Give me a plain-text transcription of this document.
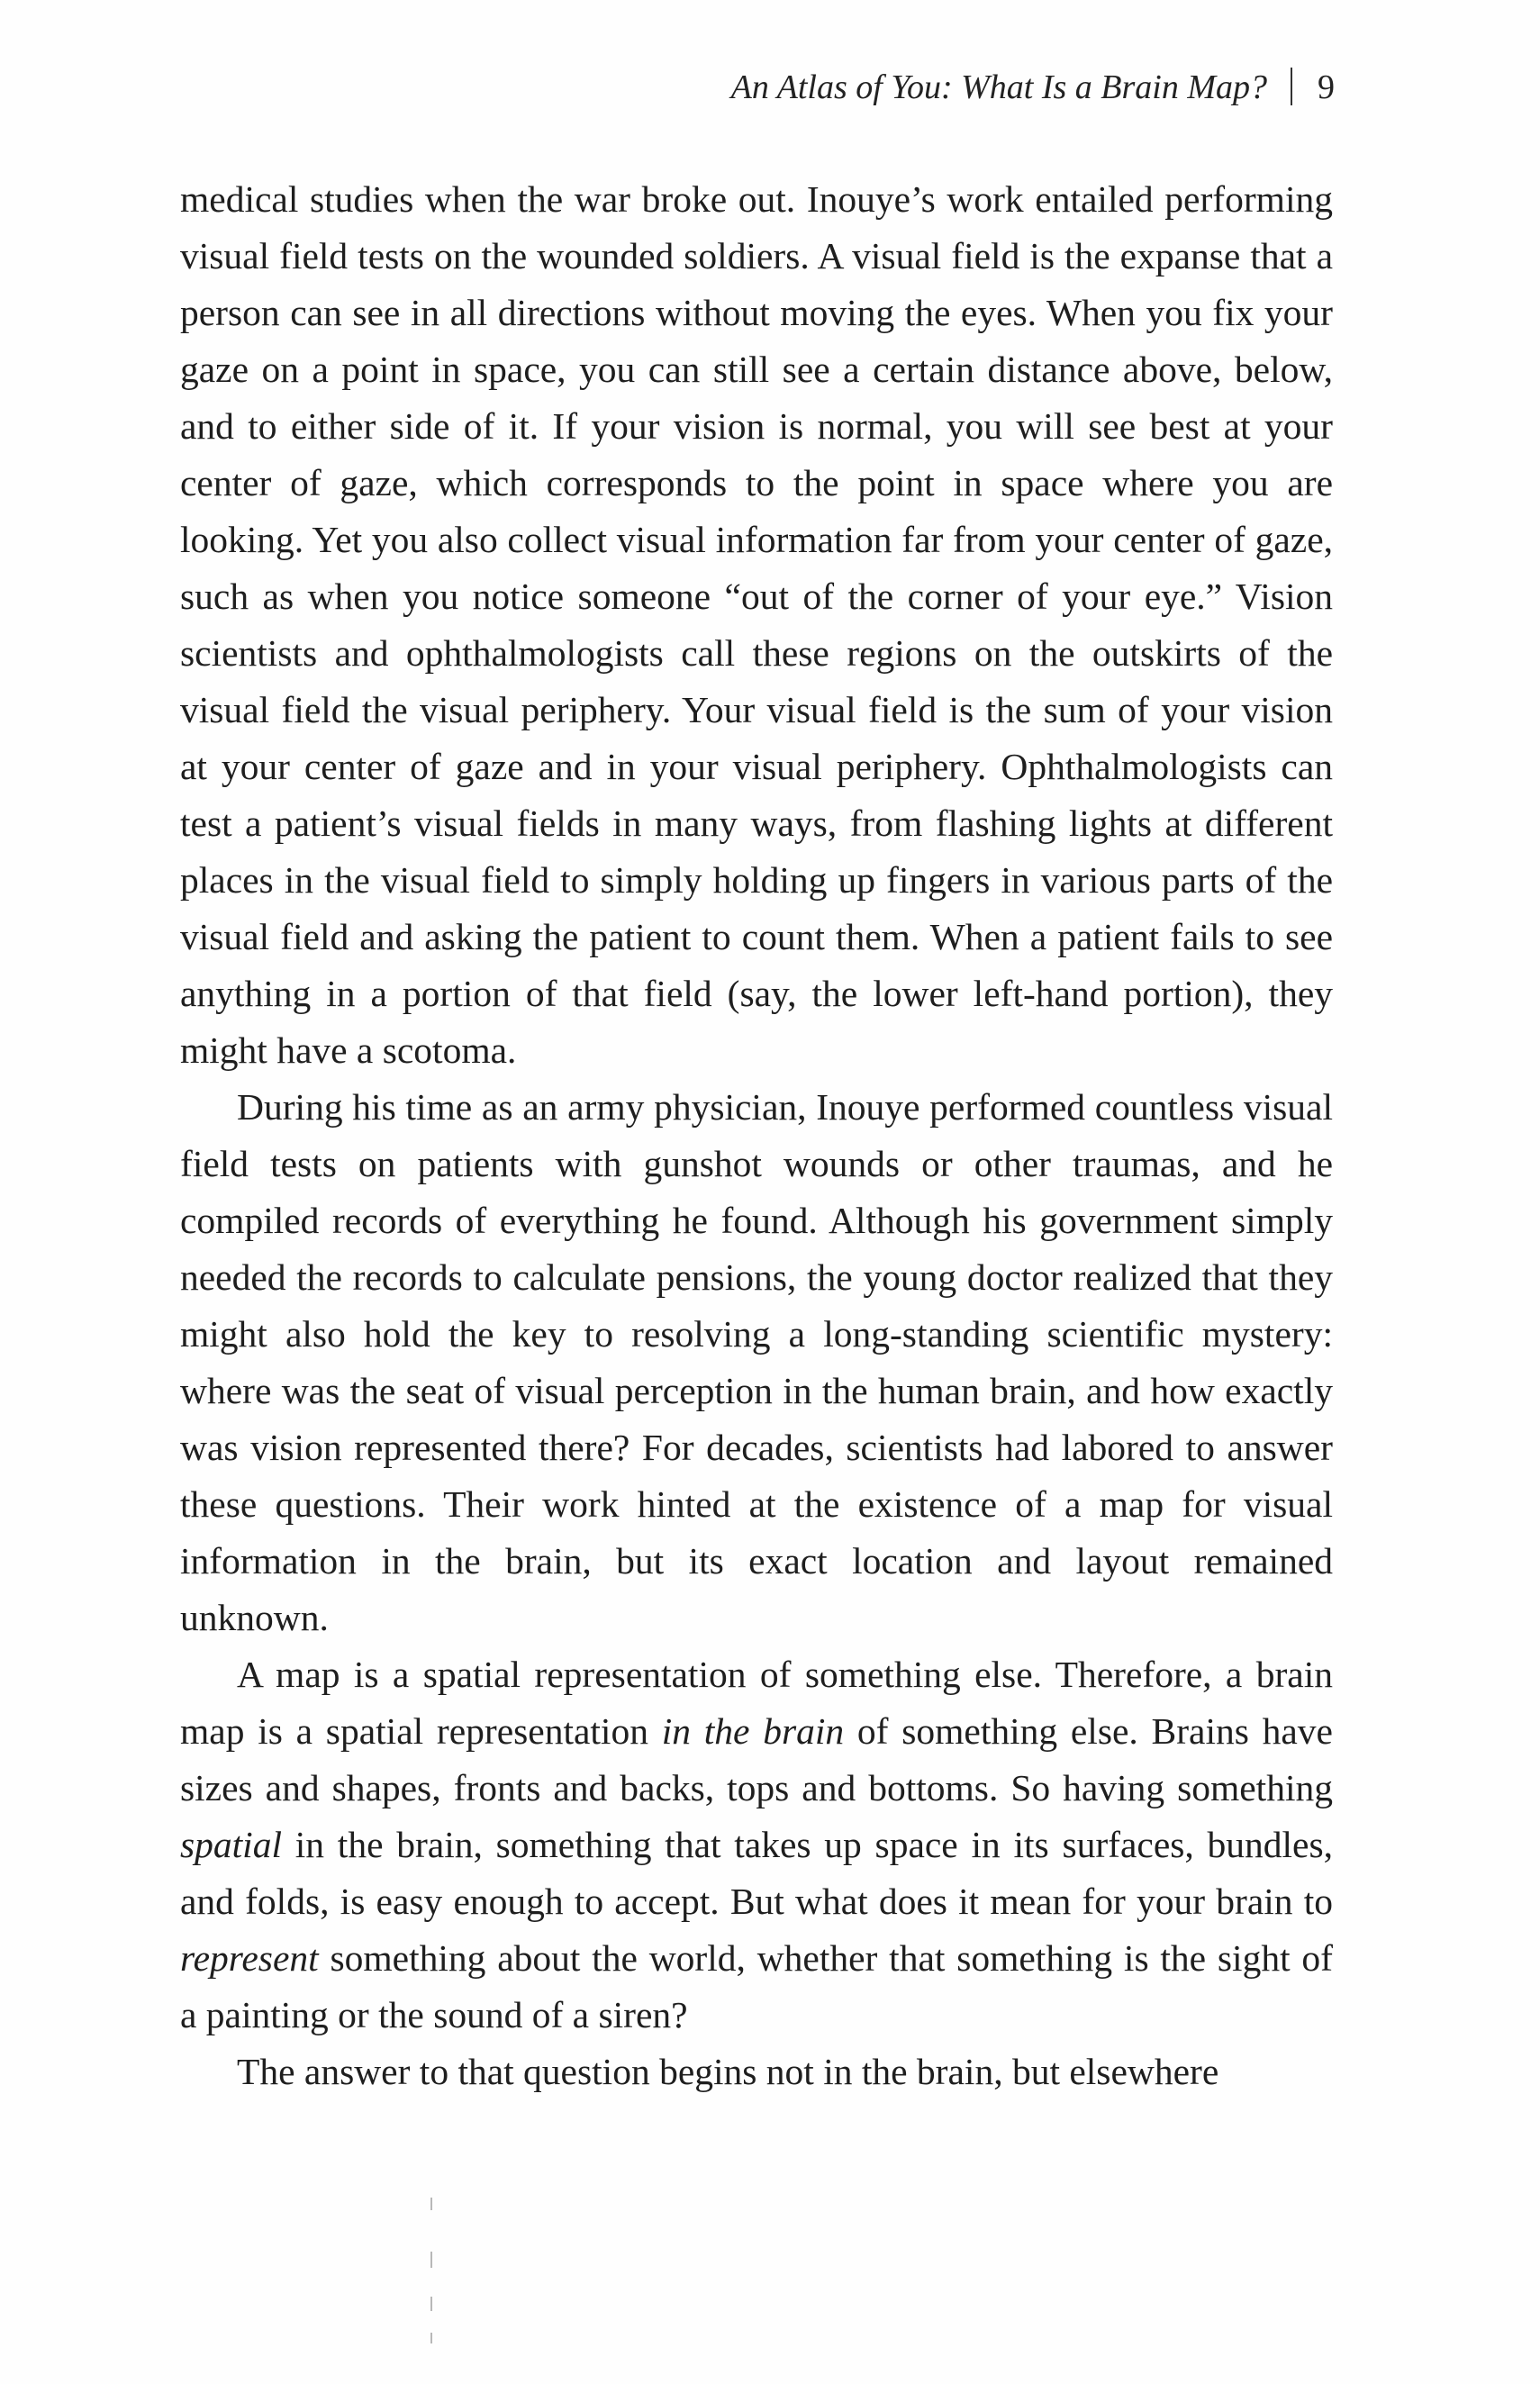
An Atlas of You: What Is a Brain Map? 9

medical studies when the war broke out. Inouye’s work entailed performing visual field tests on the wounded soldiers. A visual field is the expanse that a person can see in all directions without moving the eyes. When you fix your gaze on a point in space, you can still see a certain distance above, below, and to either side of it. If your vision is normal, you will see best at your center of gaze, which corresponds to the point in space where you are looking. Yet you also collect visual information far from your center of gaze, such as when you notice someone “out of the corner of your eye.” Vision scientists and ophthalmologists call these regions on the outskirts of the visual field the visual periphery. Your visual field is the sum of your vision at your center of gaze and in your visual periphery. Ophthalmologists can test a patient’s visual fields in many ways, from flashing lights at different places in the visual field to simply holding up fingers in various parts of the visual field and asking the patient to count them. When a patient fails to see anything in a portion of that field (say, the lower left-hand portion), they might have a scotoma.

During his time as an army physician, Inouye performed countless visual field tests on patients with gunshot wounds or other traumas, and he compiled records of everything he found. Although his government simply needed the records to calculate pensions, the young doctor realized that they might also hold the key to resolving a long-standing scientific mystery: where was the seat of visual perception in the human brain, and how exactly was vision represented there? For decades, scientists had labored to answer these questions. Their work hinted at the existence of a map for visual information in the brain, but its exact location and layout remained unknown.

A map is a spatial representation of something else. Therefore, a brain map is a spatial representation in the brain of something else. Brains have sizes and shapes, fronts and backs, tops and bottoms. So having something spatial in the brain, something that takes up space in its surfaces, bundles, and folds, is easy enough to accept. But what does it mean for your brain to represent something about the world, whether that something is the sight of a painting or the sound of a siren?

The answer to that question begins not in the brain, but elsewhere
